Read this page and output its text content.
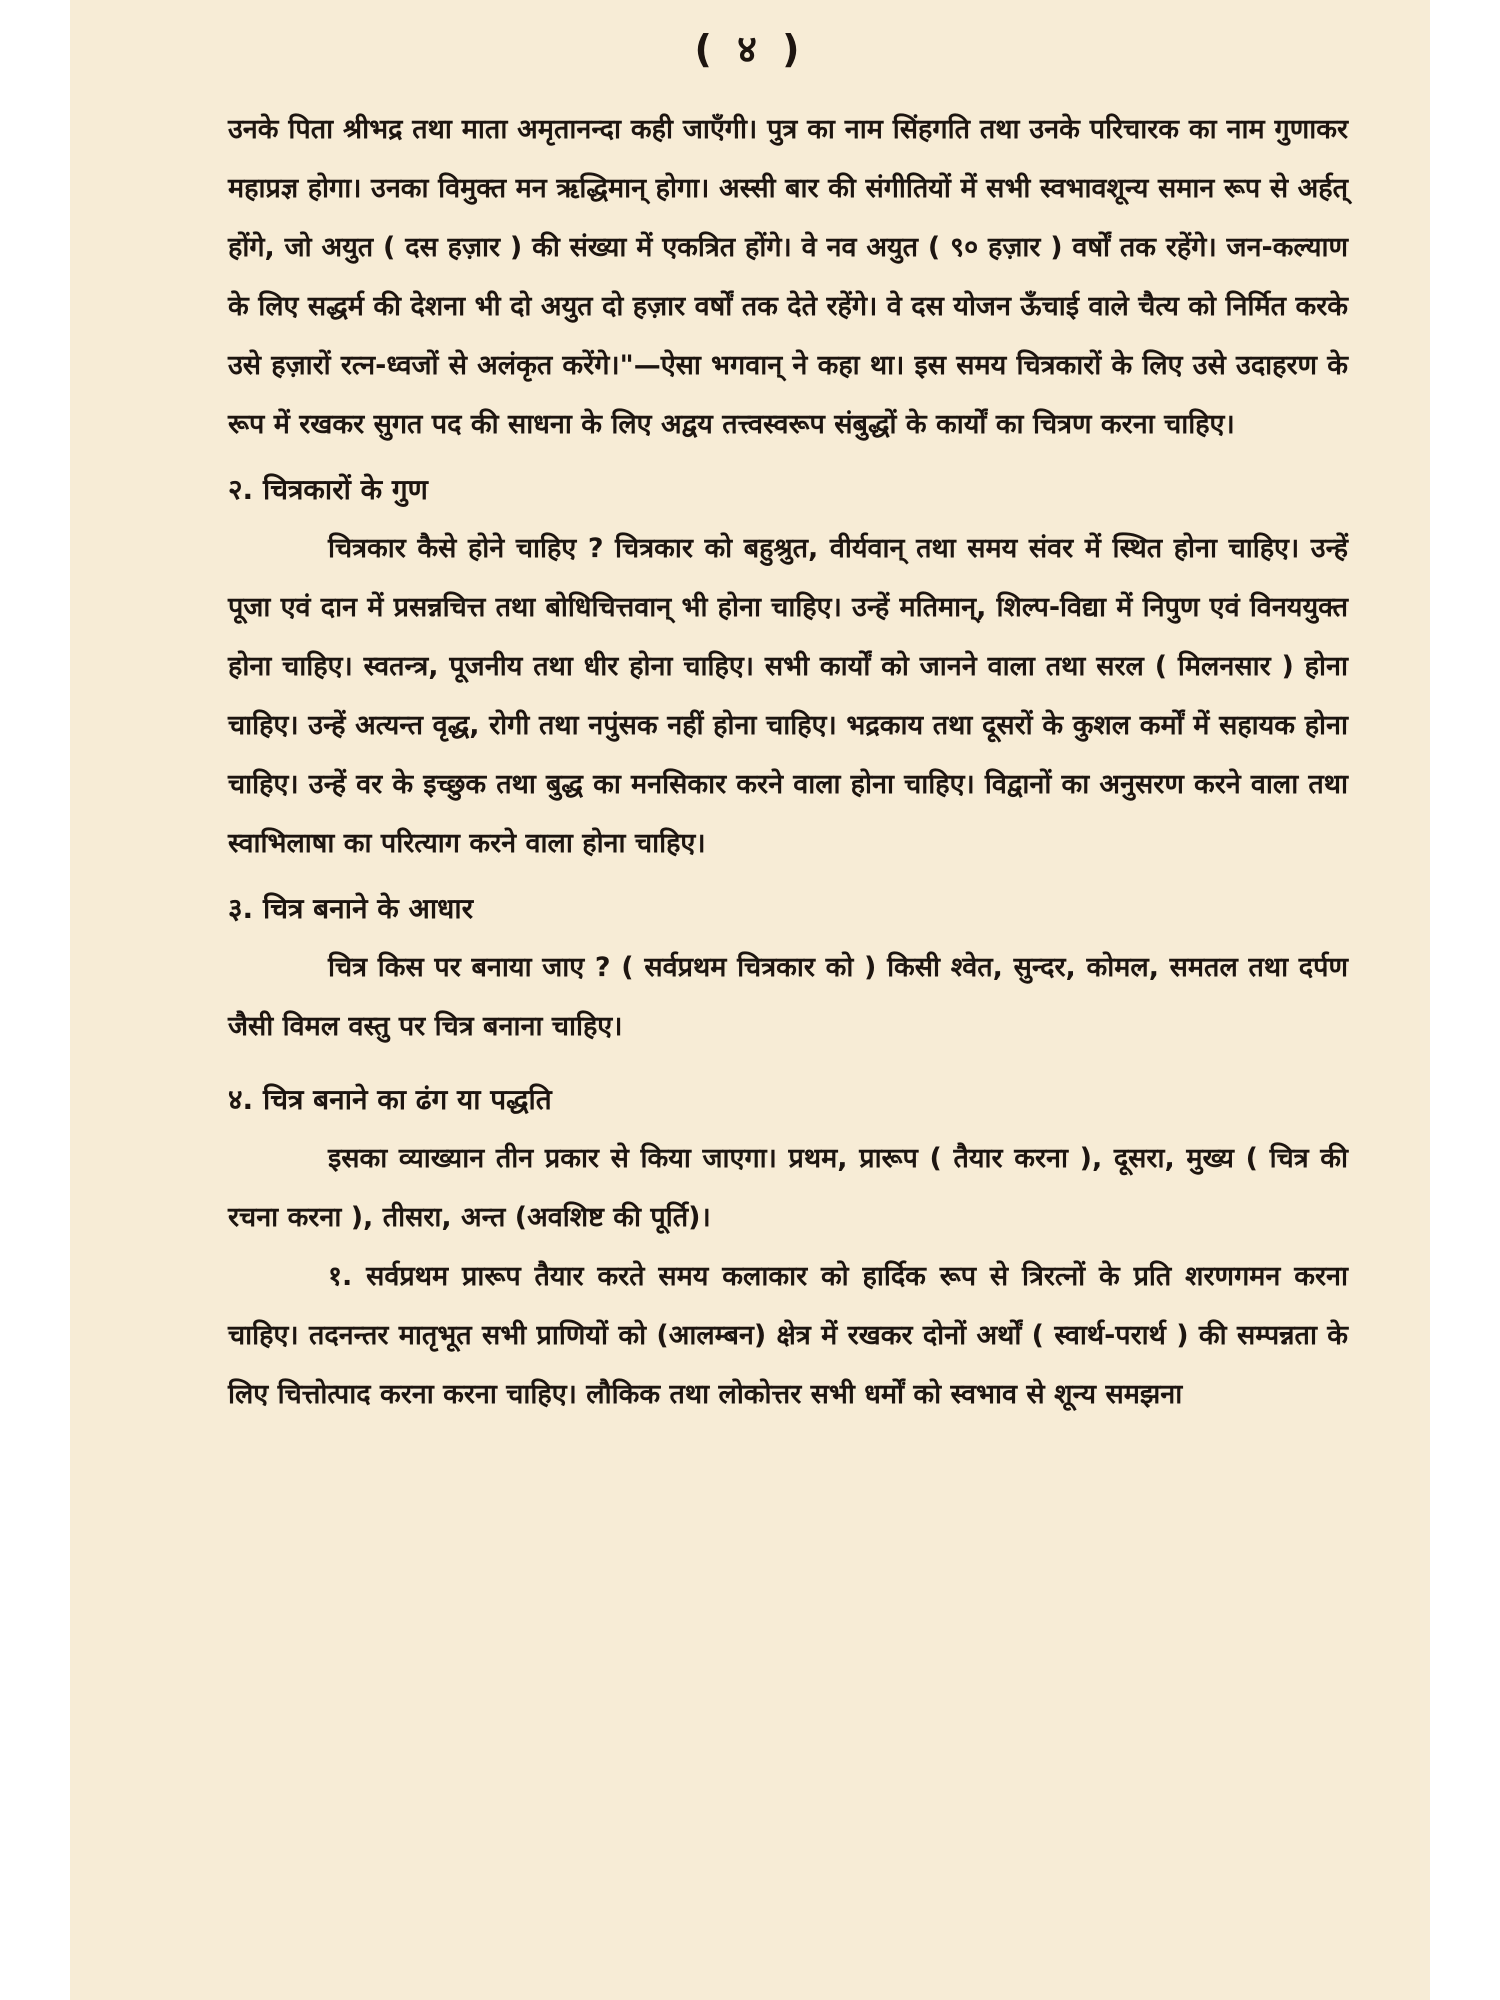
( ४ )

उनके पिता श्रीभद्र तथा माता अमृतानन्दा कही जाएँगी। पुत्र का नाम सिंहगति तथा उनके परिचारक का नाम गुणाकर महाप्रज्ञ होगा। उनका विमुक्त मन ऋद्धिमान् होगा। अस्सी बार की संगीतियों में सभी स्वभावशून्य समान रूप से अर्हत् होंगे, जो अयुत ( दस हज़ार ) की संख्या में एकत्रित होंगे। वे नव अयुत ( ९० हज़ार ) वर्षों तक रहेंगे। जन-कल्याण के लिए सद्धर्म की देशना भी दो अयुत दो हज़ार वर्षों तक देते रहेंगे। वे दस योजन ऊँचाई वाले चैत्य को निर्मित करके उसे हज़ारों रत्न-ध्वजों से अलंकृत करेंगे।"—ऐसा भगवान् ने कहा था। इस समय चित्रकारों के लिए उसे उदाहरण के रूप में रखकर सुगत पद की साधना के लिए अद्वय तत्त्वस्वरूप संबुद्धों के कार्यों का चित्रण करना चाहिए।

२. चित्रकारों के गुण

चित्रकार कैसे होने चाहिए ? चित्रकार को बहुश्रुत, वीर्यवान् तथा समय संवर में स्थित होना चाहिए। उन्हें पूजा एवं दान में प्रसन्नचित्त तथा बोधिचित्तवान् भी होना चाहिए। उन्हें मतिमान्, शिल्प-विद्या में निपुण एवं विनययुक्त होना चाहिए। स्वतन्त्र, पूजनीय तथा धीर होना चाहिए। सभी कार्यों को जानने वाला तथा सरल ( मिलनसार ) होना चाहिए। उन्हें अत्यन्त वृद्ध, रोगी तथा नपुंसक नहीं होना चाहिए। भद्रकाय तथा दूसरों के कुशल कर्मों में सहायक होना चाहिए। उन्हें वर के इच्छुक तथा बुद्ध का मनसिकार करने वाला होना चाहिए। विद्वानों का अनुसरण करने वाला तथा स्वाभिलाषा का परित्याग करने वाला होना चाहिए।

३. चित्र बनाने के आधार

चित्र किस पर बनाया जाए ? ( सर्वप्रथम चित्रकार को ) किसी श्वेत, सुन्दर, कोमल, समतल तथा दर्पण जैसी विमल वस्तु पर चित्र बनाना चाहिए।

४. चित्र बनाने का ढंग या पद्धति

इसका व्याख्यान तीन प्रकार से किया जाएगा। प्रथम, प्रारूप ( तैयार करना ), दूसरा, मुख्य ( चित्र की रचना करना ), तीसरा, अन्त (अवशिष्ट की पूर्ति)।

१. सर्वप्रथम प्रारूप तैयार करते समय कलाकार को हार्दिक रूप से त्रिरत्नों के प्रति शरणगमन करना चाहिए। तदनन्तर मातृभूत सभी प्राणियों को (आलम्बन) क्षेत्र में रखकर दोनों अर्थों ( स्वार्थ-परार्थ ) की सम्पन्नता के लिए चित्तोत्पाद करना करना चाहिए। लौकिक तथा लोकोत्तर सभी धर्मों को स्वभाव से शून्य समझना
